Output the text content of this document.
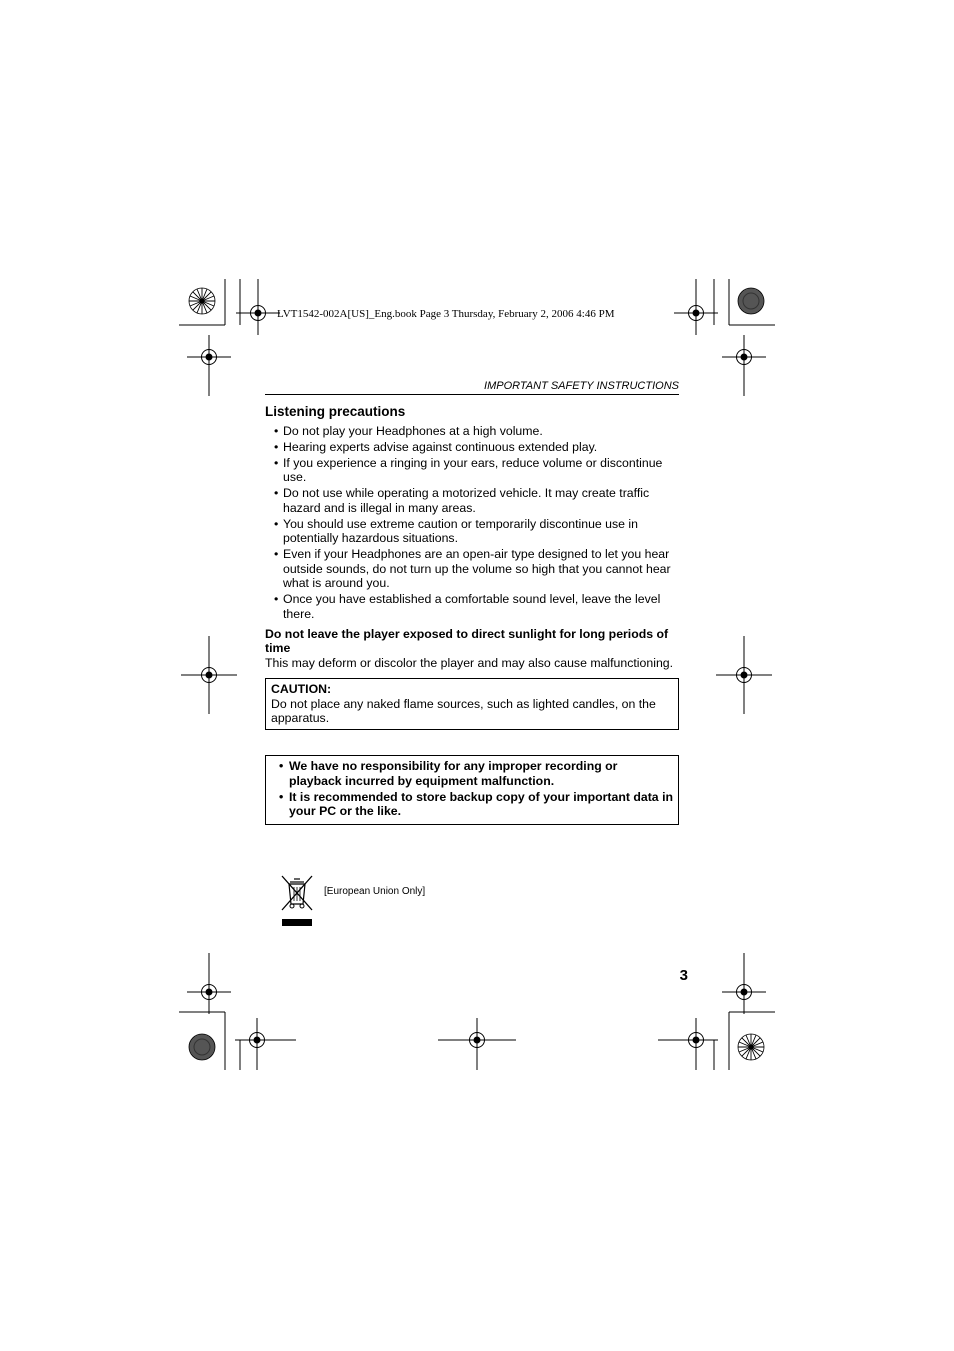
LVT1542-002A[US]_Eng.book Page 3 Thursday, February 2, 2006 4:46 PM
IMPORTANT SAFETY INSTRUCTIONS
Listening precautions
• Do not play your Headphones at a high volume.
• Hearing experts advise against continuous extended play.
• If you experience a ringing in your ears, reduce volume or discontinue use.
• Do not use while operating a motorized vehicle. It may create traffic hazard and is illegal in many areas.
• You should use extreme caution or temporarily discontinue use in potentially hazardous situations.
• Even if your Headphones are an open-air type designed to let you hear outside sounds, do not turn up the volume so high that you cannot hear what is around you.
• Once you have established a comfortable sound level, leave the level there.
Do not leave the player exposed to direct sunlight for long periods of time
This may deform or discolor the player and may also cause malfunctioning.
CAUTION:
Do not place any naked flame sources, such as lighted candles, on the apparatus.
• We have no responsibility for any improper recording or playback incurred by equipment malfunction.
• It is recommended to store backup copy of your important data in your PC or the like.
[European Union Only]
3
